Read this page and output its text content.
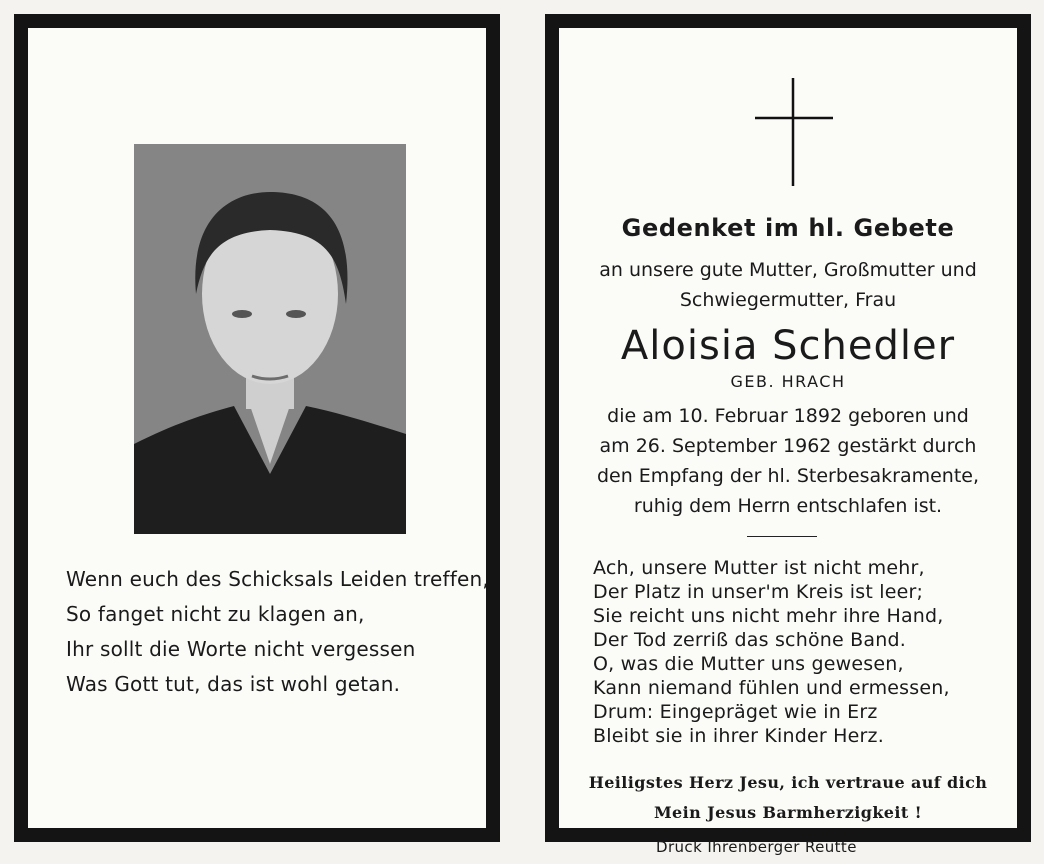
Wenn euch des Schicksals Leiden treffen,
So fanget nicht zu klagen an,
Ihr sollt die Worte nicht vergessen
Was Gott tut, das ist wohl getan.
Gedenket im hl. Gebete
an unsere gute Mutter, Großmutter und
Schwiegermutter, Frau
Aloisia Schedler
GEB. HRACH
die am 10. Februar 1892 geboren und
am 26. September 1962 gestärkt durch
den Empfang der hl. Sterbesakramente,
ruhig dem Herrn entschlafen ist.
Ach, unsere Mutter ist nicht mehr,
Der Platz in unser'm Kreis ist leer;
Sie reicht uns nicht mehr ihre Hand,
Der Tod zerriß das schöne Band.
O, was die Mutter uns gewesen,
Kann niemand fühlen und ermessen,
Drum: Eingepräget wie in Erz
Bleibt sie in ihrer Kinder Herz.
Heiligstes Herz Jesu, ich vertraue auf dich
Mein Jesus Barmherzigkeit !
Druck Ihrenberger Reutte
